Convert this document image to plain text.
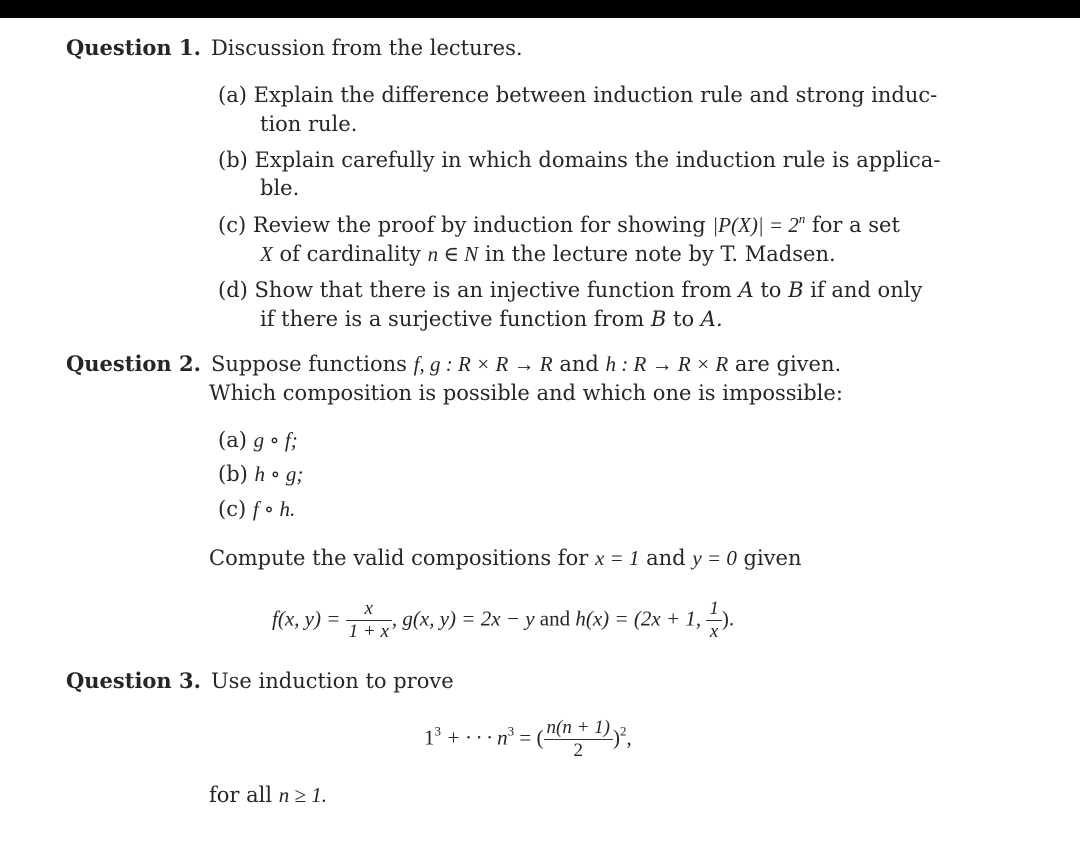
Question 1. Discussion from the lectures.
(a) Explain the difference between induction rule and strong induc-
tion rule.
(b) Explain carefully in which domains the induction rule is applica-
ble.
(c) Review the proof by induction for showing $|P(X)| = 2^n$ for a set
X of cardinality n ∈ N in the lecture note by T. Madsen.
(d) Show that there is an injective function from A to B if and only
if there is a surjective function from B to A.
Question 2. Suppose functions f, g : R × R → R and h : R → R × R are given.
Which composition is possible and which one is impossible:
(a) g ∘ f;
(b) h ∘ g;
(c) f ∘ h.
Compute the valid compositions for x = 1 and y = 0 given
f(x, $y) = \frac{x}{1 + x}$ , g(x, y) = 2x − y and h(x) = (2x + 1, $\frac{1}{x}$ ).
Question 3. Use induction to prove
$1^3$ + · · · $n^3$ = ( $\frac{n(n + 1)}{2} )^2$,
for all n ≥ 1.
